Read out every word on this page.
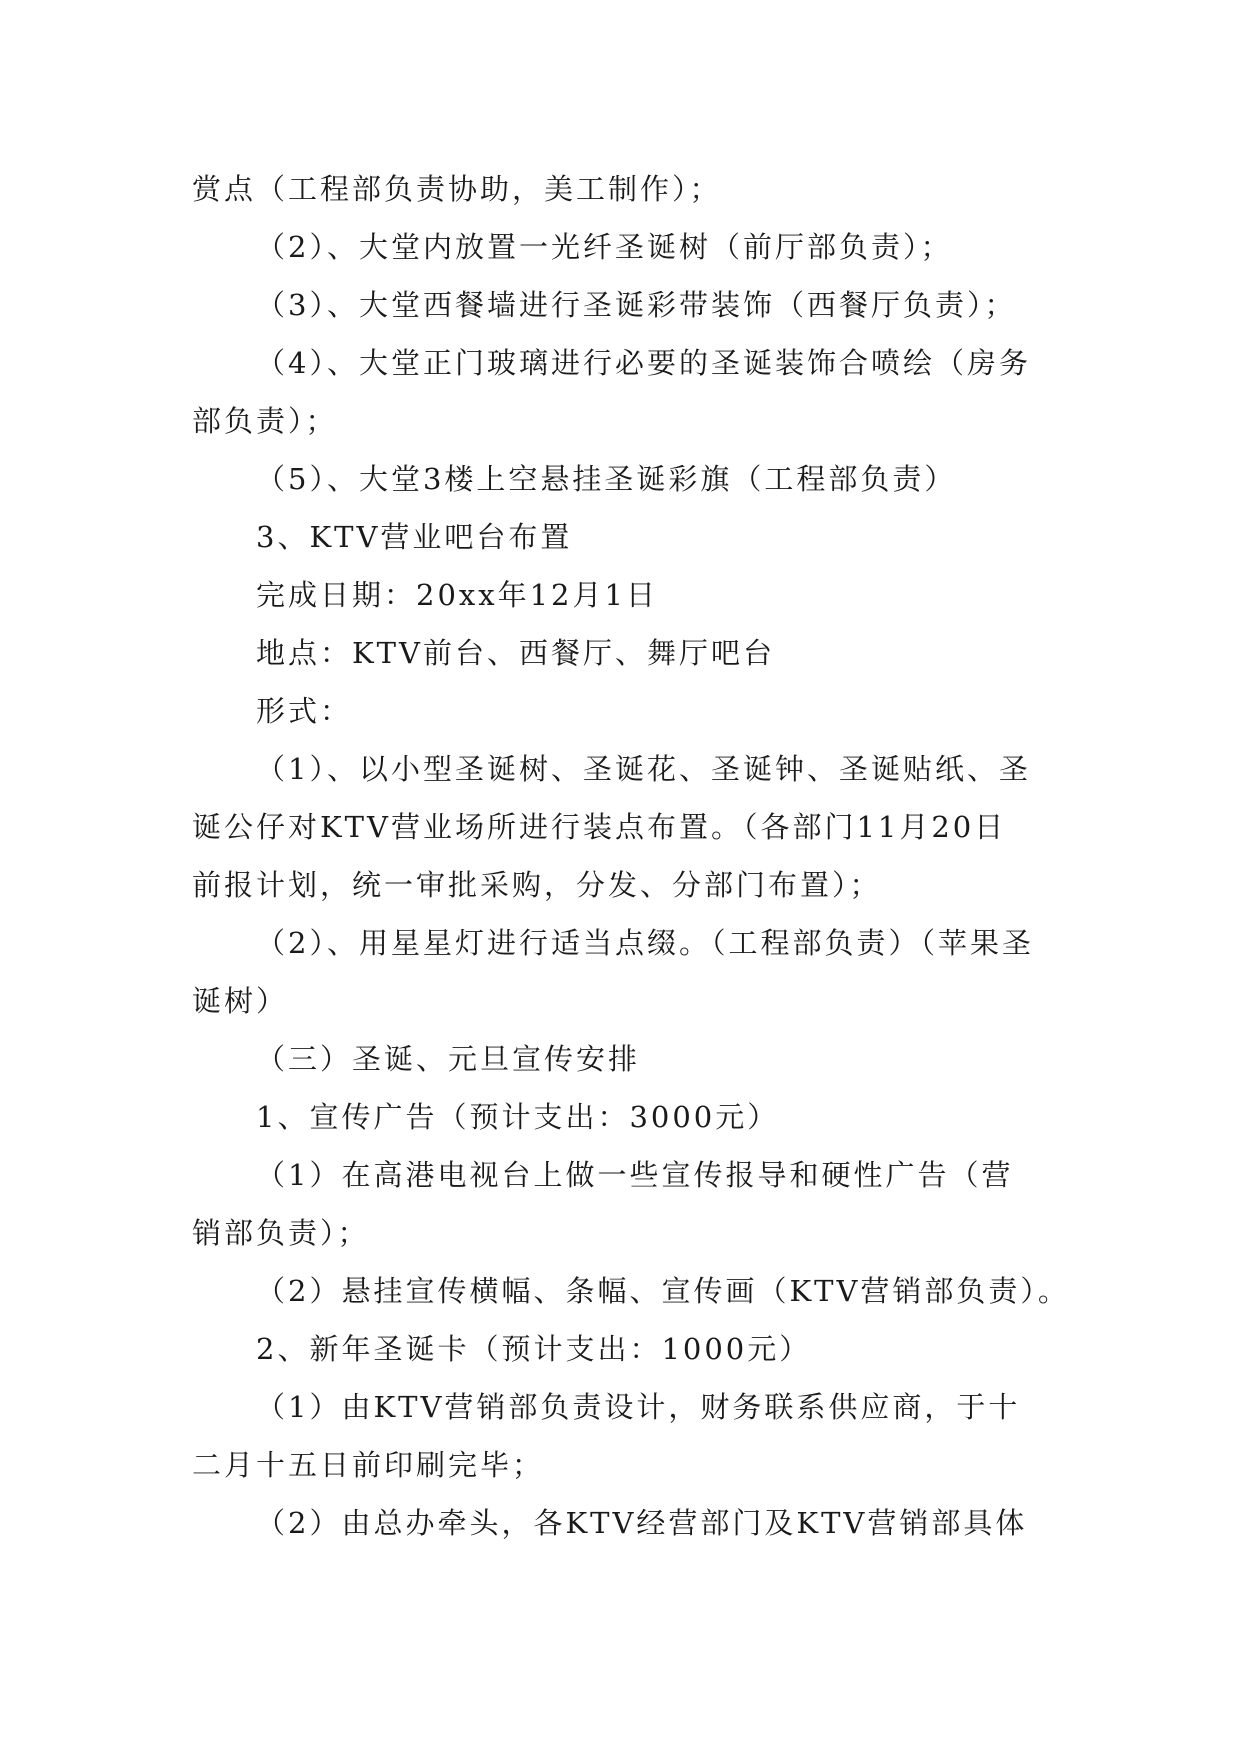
赏点（工程部负责协助，美工制作）；
（2）、大堂内放置一光纤圣诞树（前厅部负责）；
（3）、大堂西餐墙进行圣诞彩带装饰（西餐厅负责）；
（4）、大堂正门玻璃进行必要的圣诞装饰合喷绘（房务
部负责）；
（5）、大堂3楼上空悬挂圣诞彩旗（工程部负责）
3、KTV营业吧台布置
完成日期：20xx年12月1日
地点：KTV前台、西餐厅、舞厅吧台
形式：
（1）、以小型圣诞树、圣诞花、圣诞钟、圣诞贴纸、圣
诞公仔对KTV营业场所进行装点布置。（各部门11月20日
前报计划，统一审批采购，分发、分部门布置）；
（2）、用星星灯进行适当点缀。（工程部负责）（苹果圣
诞树）
（三）圣诞、元旦宣传安排
1、宣传广告（预计支出：3000元）
（1）在高港电视台上做一些宣传报导和硬性广告（营
销部负责）；
（2）悬挂宣传横幅、条幅、宣传画（KTV营销部负责）。
2、新年圣诞卡（预计支出：1000元）
（1）由KTV营销部负责设计，财务联系供应商，于十
二月十五日前印刷完毕；
（2）由总办牵头，各KTV经营部门及KTV营销部具体
